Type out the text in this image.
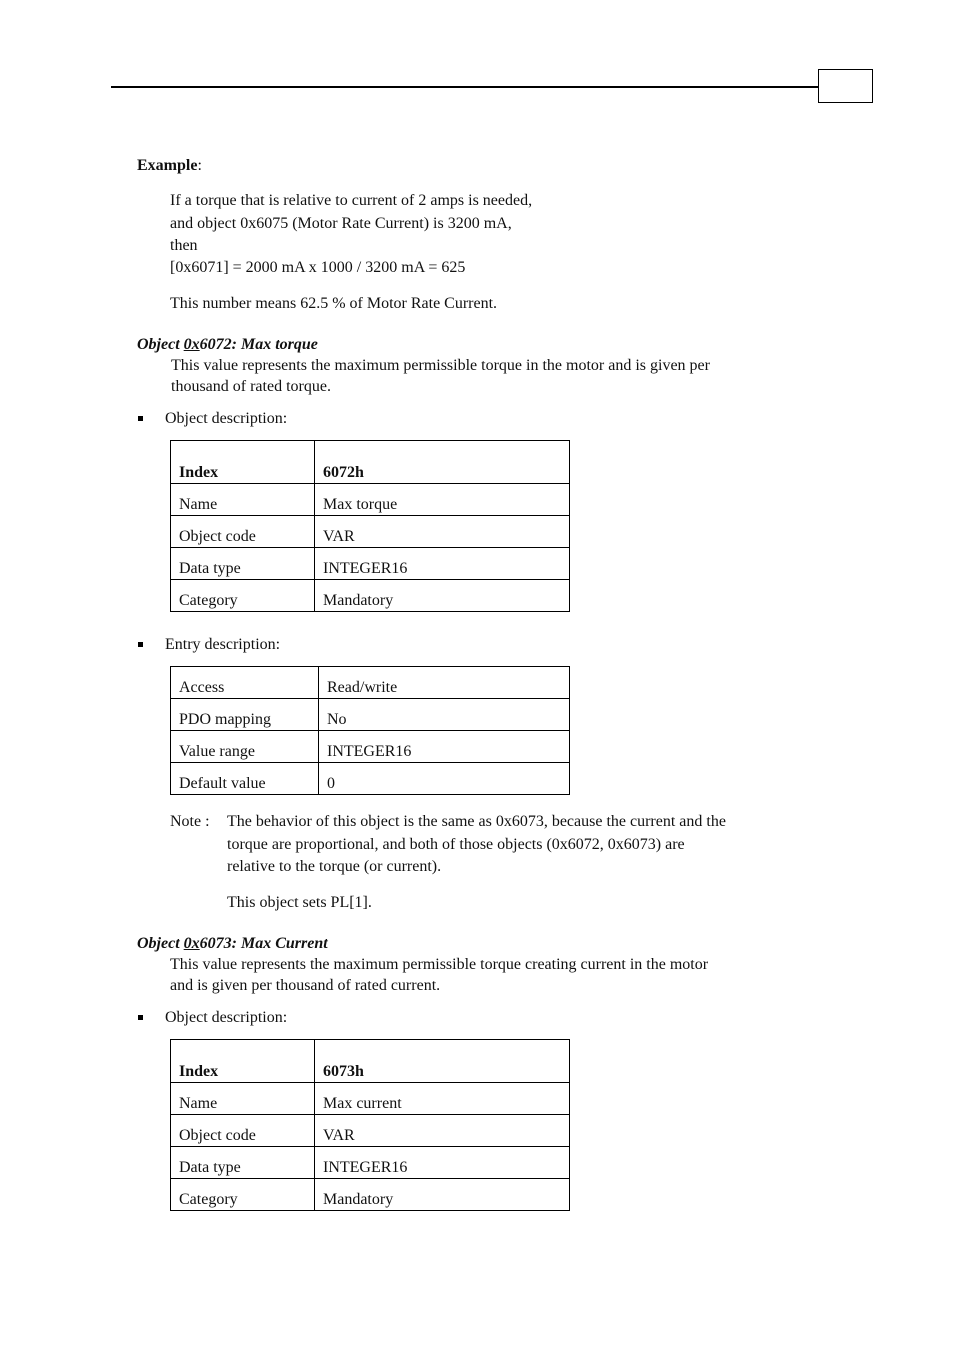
Example:
If a torque that is relative to current of 2 amps is needed,
and object 0x6075 (Motor Rate Current) is 3200 mA,
then
[0x6071] = 2000 mA x 1000 / 3200 mA = 625
This number means 62.5 % of Motor Rate Current.
Object 0x6072: Max torque
This value represents the maximum permissible torque in the motor and is given per
thousand of rated torque.
Object description:
Index	6072h
Name	Max torque
Object code	VAR
Data type	INTEGER16
Category	Mandatory
Entry description:
Access	Read/write
PDO mapping	No
Value range	INTEGER16
Default value	0
Note : The behavior of this object is the same as 0x6073, because the current and the
torque are proportional, and both of those objects (0x6072, 0x6073) are
relative to the torque (or current).
This object sets PL[1].
Object 0x6073: Max Current
This value represents the maximum permissible torque creating current in the motor
and is given per thousand of rated current.
Object description:
Index	6073h
Name	Max current
Object code	VAR
Data type	INTEGER16
Category	Mandatory
